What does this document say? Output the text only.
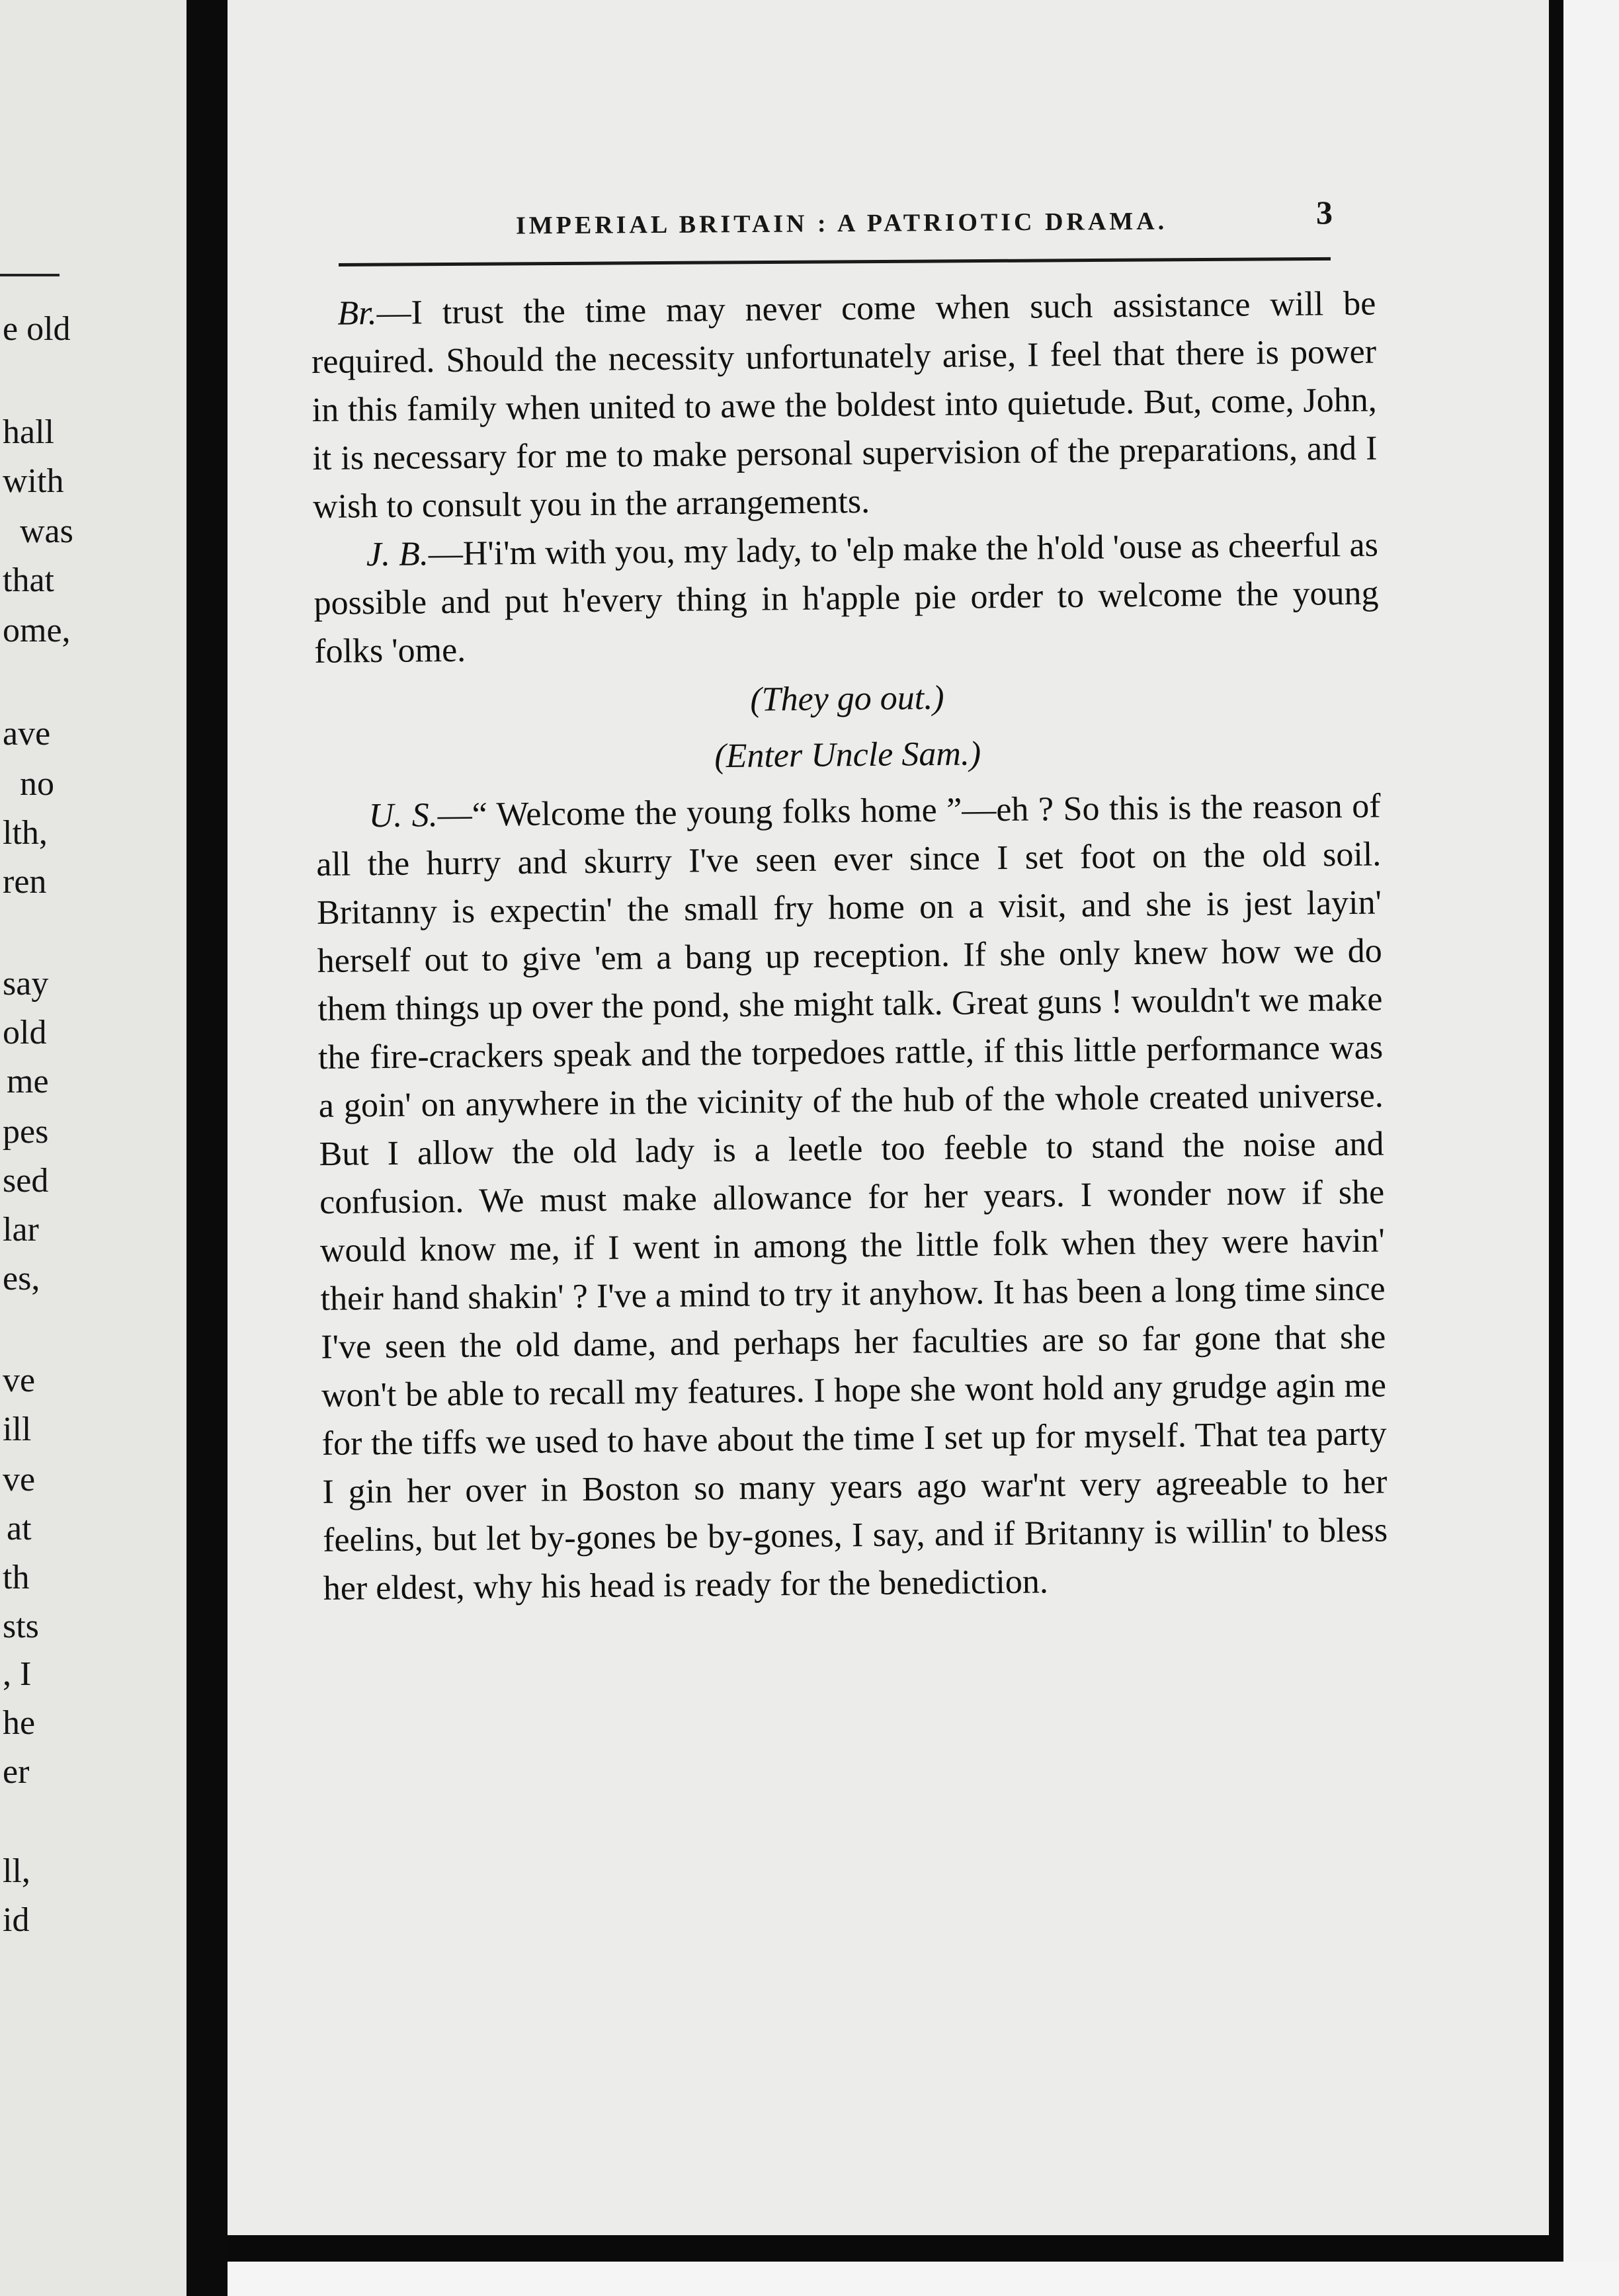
e old
hall
with
was
that
ome,
ave
no
lth,
ren
say
old
me
pes
sed
lar
es,
ve
ill
ve
at
th
sts
, I
he
er
ll,
id
IMPERIAL BRITAIN : A PATRIOTIC DRAMA.	3

Br.—I trust the time may never come when such assistance will be required. Should the necessity unfortunately arise, I feel that there is power in this family when united to awe the boldest into quietude. But, come, John, it is necessary for me to make personal supervision of the preparations, and I wish to consult you in the arrangements.

J. B.—H'i'm with you, my lady, to 'elp make the h'old 'ouse as cheerful as possible and put h'every thing in h'apple pie order to welcome the young folks 'ome.

(They go out.)

(Enter Uncle Sam.)

U. S.—“ Welcome the young folks home ”—eh ? So this is the reason of all the hurry and skurry I've seen ever since I set foot on the old soil. Britanny is expectin' the small fry home on a visit, and she is jest layin' herself out to give 'em a bang up reception. If she only knew how we do them things up over the pond, she might talk. Great guns ! wouldn't we make the fire-crackers speak and the torpedoes rattle, if this little performance was a goin' on anywhere in the vicinity of the hub of the whole created universe. But I allow the old lady is a leetle too feeble to stand the noise and confusion. We must make allowance for her years. I wonder now if she would know me, if I went in among the little folk when they were havin' their hand shakin' ? I've a mind to try it anyhow. It has been a long time since I've seen the old dame, and perhaps her faculties are so far gone that she won't be able to recall my features. I hope she wont hold any grudge agin me for the tiffs we used to have about the time I set up for myself. That tea party I gin her over in Boston so many years ago war'nt very agreeable to her feelins, but let by-gones be by-gones, I say, and if Britanny is willin' to bless her eldest, why his head is ready for the benediction.
